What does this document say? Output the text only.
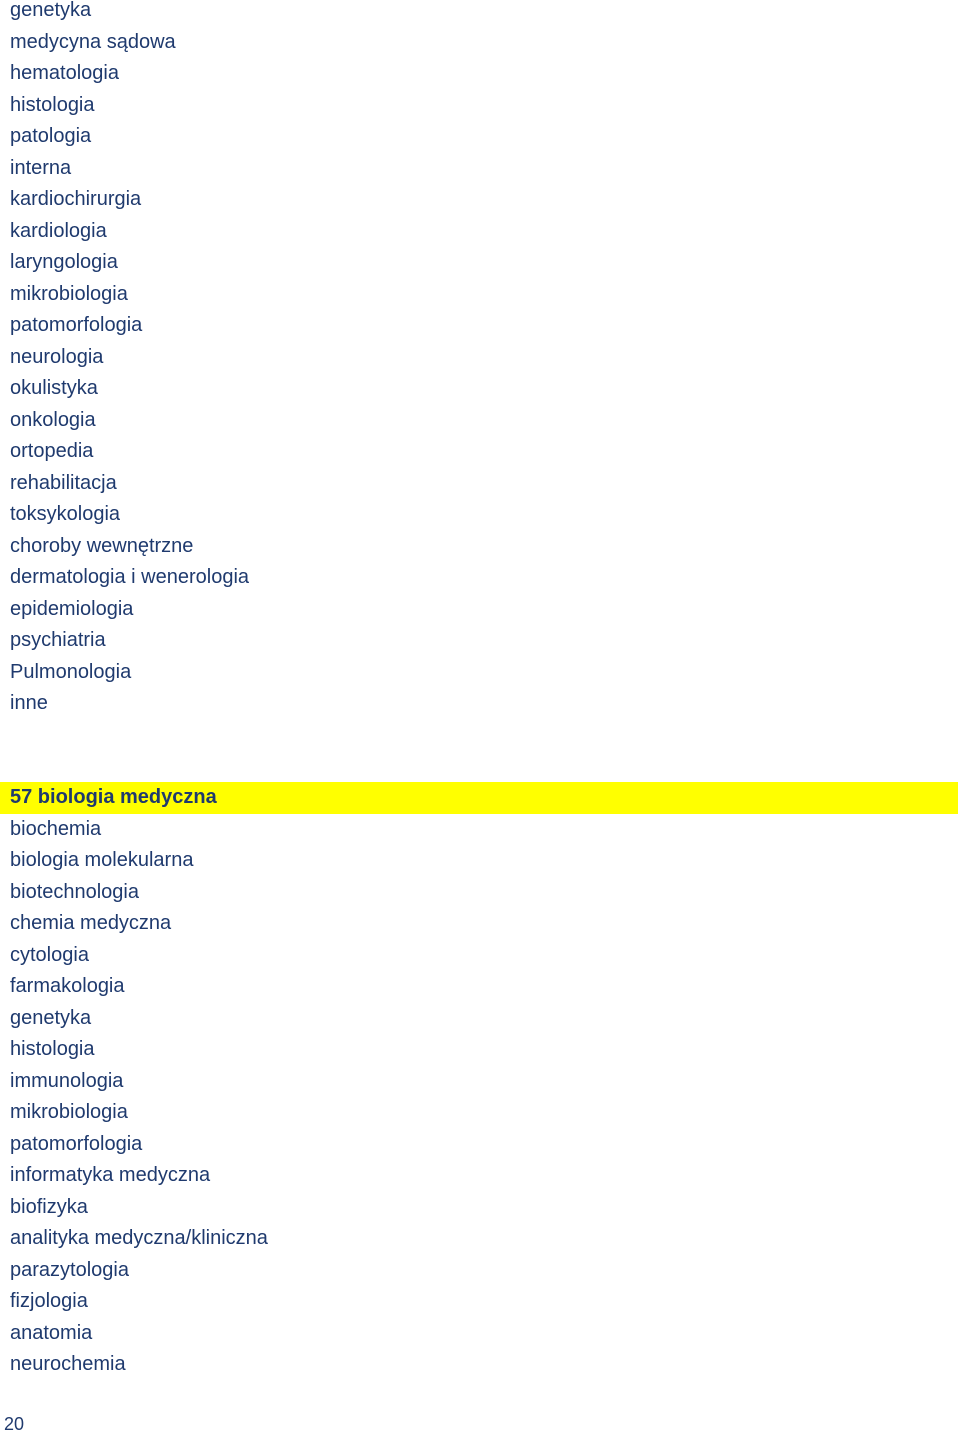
genetyka
medycyna sądowa
hematologia
histologia
patologia
interna
kardiochirurgia
kardiologia
laryngologia
mikrobiologia
patomorfologia
neurologia
okulistyka
onkologia
ortopedia
rehabilitacja
toksykologia
choroby wewnętrzne
dermatologia i wenerologia
epidemiologia
psychiatria
Pulmonologia
inne
57 biologia medyczna
biochemia
biologia molekularna
biotechnologia
chemia medyczna
cytologia
farmakologia
genetyka
histologia
immunologia
mikrobiologia
patomorfologia
informatyka medyczna
biofizyka
analityka medyczna/kliniczna
parazytologia
fizjologia
anatomia
neurochemia
20
